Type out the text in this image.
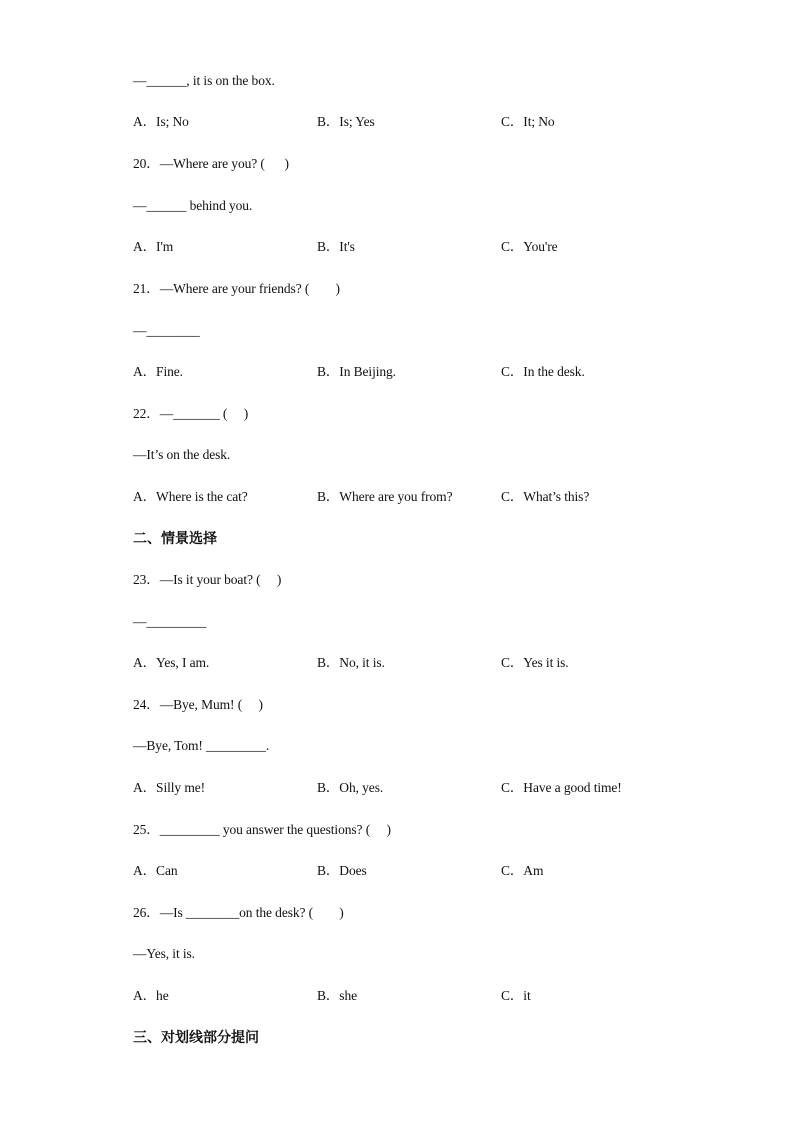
—______, it is on the box.

A．Is; No

	B．Is; Yes

	C．It; No

20．—Where are you? (      )
—______ behind you.

A．I'm

	B．It's

	C．You're

21．—Where are your friends? (        )
—________

A．Fine.

	B．In Beijing.

	C．In the desk.

22．—_______ (     )
—It’s on the desk.

A．Where is the cat?

	B．Where are you from?

	C．What’s this?

二、情景选择
23．—Is it your boat? (     )
—_________

A．Yes, I am.

	B．No, it is.

	C．Yes it is.

24．—Bye, Mum! (     )
—Bye, Tom! _________.

A．Silly me!

	B．Oh, yes.

	C．Have a good time!

25．_________ you answer the questions? (     )

A．Can

	B．Does

	C．Am

26．—Is ________on the desk? (        )
—Yes, it is.

A．he

	B．she

	C．it

三、对划线部分提问
